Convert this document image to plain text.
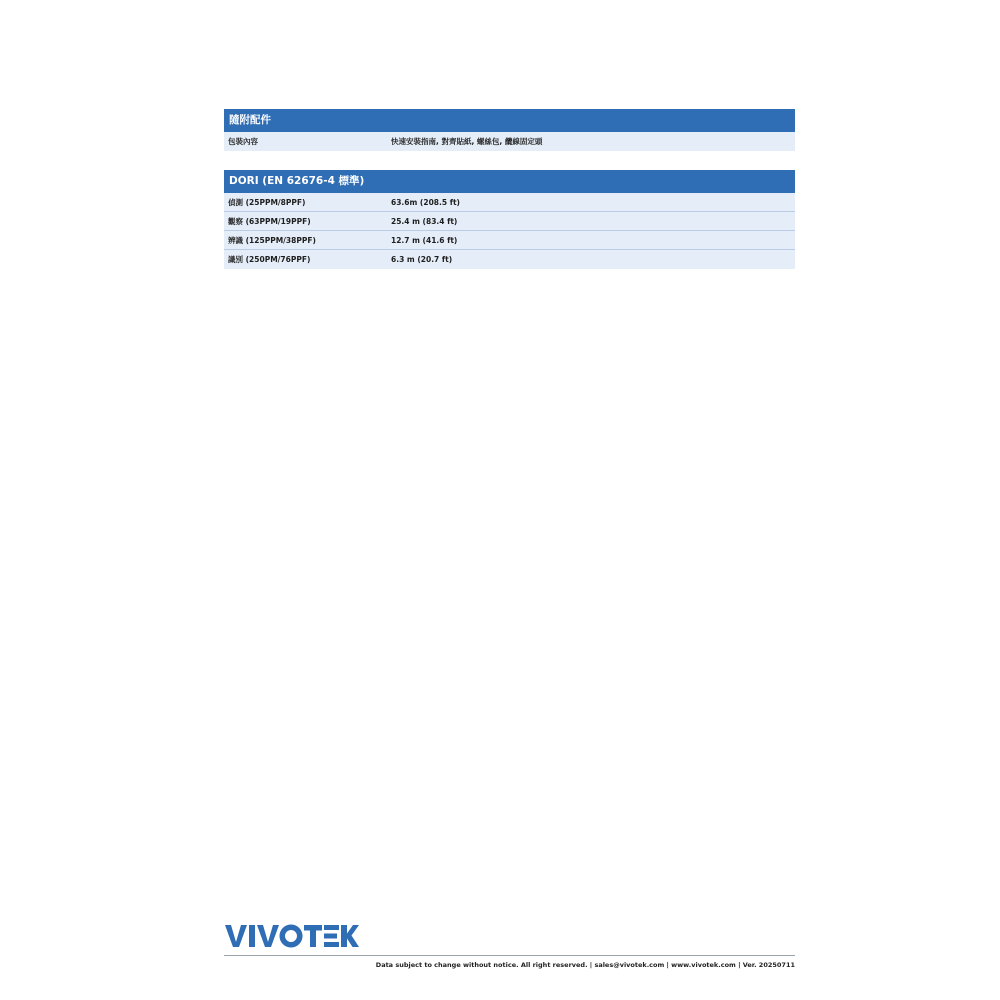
隨附配件
包裝內容	快速安裝指南, 對齊貼紙, 螺絲包, 纜線固定頭
DORI (EN 62676-4 標準)
偵測 (25PPM/8PPF)	63.6m (208.5 ft)
觀察 (63PPM/19PPF)	25.4 m (83.4 ft)
辨識 (125PPM/38PPF)	12.7 m (41.6 ft)
識別 (250PM/76PPF)	6.3 m (20.7 ft)
Data subject to change without notice. All right reserved. | sales@vivotek.com | www.vivotek.com | Ver. 20250711
